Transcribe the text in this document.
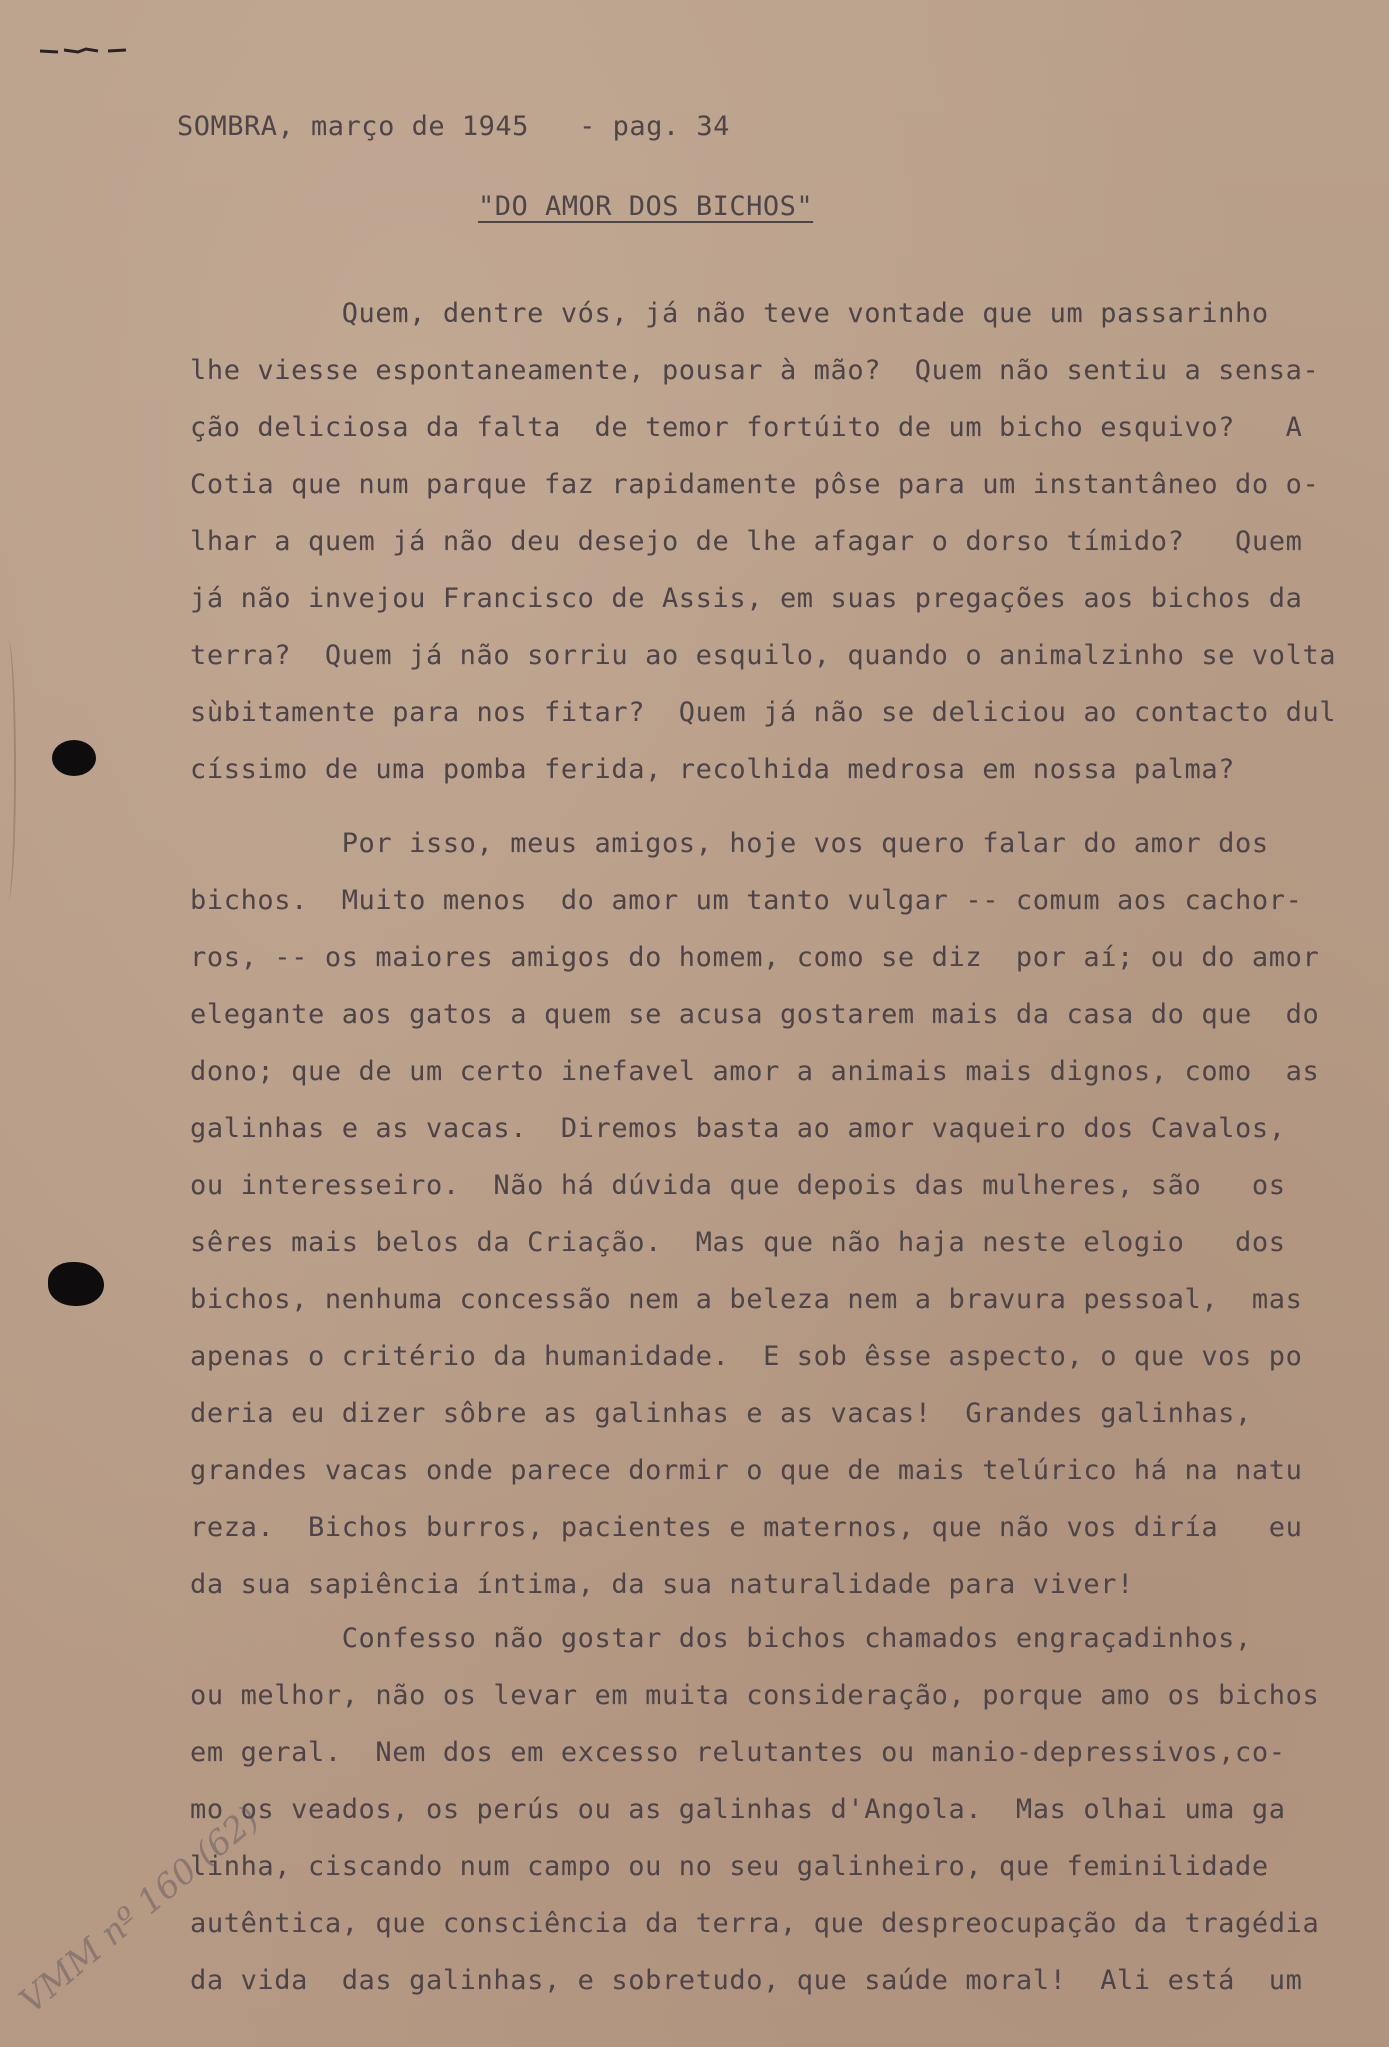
SOMBRA, março de 1945   - pag. 34
"DO AMOR DOS BICHOS"
Quem, dentre vós, já não teve vontade que um passarinho
lhe viesse espontaneamente, pousar à mão?  Quem não sentiu a sensa-
ção deliciosa da falta  de temor fortúito de um bicho esquivo?   A
Cotia que num parque faz rapidamente pôse para um instantâneo do o-
lhar a quem já não deu desejo de lhe afagar o dorso tímido?   Quem
já não invejou Francisco de Assis, em suas pregações aos bichos da
terra?  Quem já não sorriu ao esquilo, quando o animalzinho se volta
sùbitamente para nos fitar?  Quem já não se deliciou ao contacto dul
císsimo de uma pomba ferida, recolhida medrosa em nossa palma?
Por isso, meus amigos, hoje vos quero falar do amor dos
bichos.  Muito menos  do amor um tanto vulgar -- comum aos cachor-
ros, -- os maiores amigos do homem, como se diz  por aí; ou do amor
elegante aos gatos a quem se acusa gostarem mais da casa do que  do
dono; que de um certo inefavel amor a animais mais dignos, como  as
galinhas e as vacas.  Diremos basta ao amor vaqueiro dos Cavalos,
ou interesseiro.  Não há dúvida que depois das mulheres, são   os
sêres mais belos da Criação.  Mas que não haja neste elogio   dos
bichos, nenhuma concessão nem a beleza nem a bravura pessoal,  mas
apenas o critério da humanidade.  E sob êsse aspecto, o que vos po
deria eu dizer sôbre as galinhas e as vacas!  Grandes galinhas,
grandes vacas onde parece dormir o que de mais telúrico há na natu
reza.  Bichos burros, pacientes e maternos, que não vos diría   eu
da sua sapiência íntima, da sua naturalidade para viver!
Confesso não gostar dos bichos chamados engraçadinhos,
ou melhor, não os levar em muita consideração, porque amo os bichos
em geral.  Nem dos em excesso relutantes ou manio-depressivos,co-
mo os veados, os perús ou as galinhas d'Angola.  Mas olhai uma ga
linha, ciscando num campo ou no seu galinheiro, que feminilidade
autêntica, que consciência da terra, que despreocupação da tragédia
da vida  das galinhas, e sobretudo, que saúde moral!  Ali está  um
VMM nº 160 (62)
